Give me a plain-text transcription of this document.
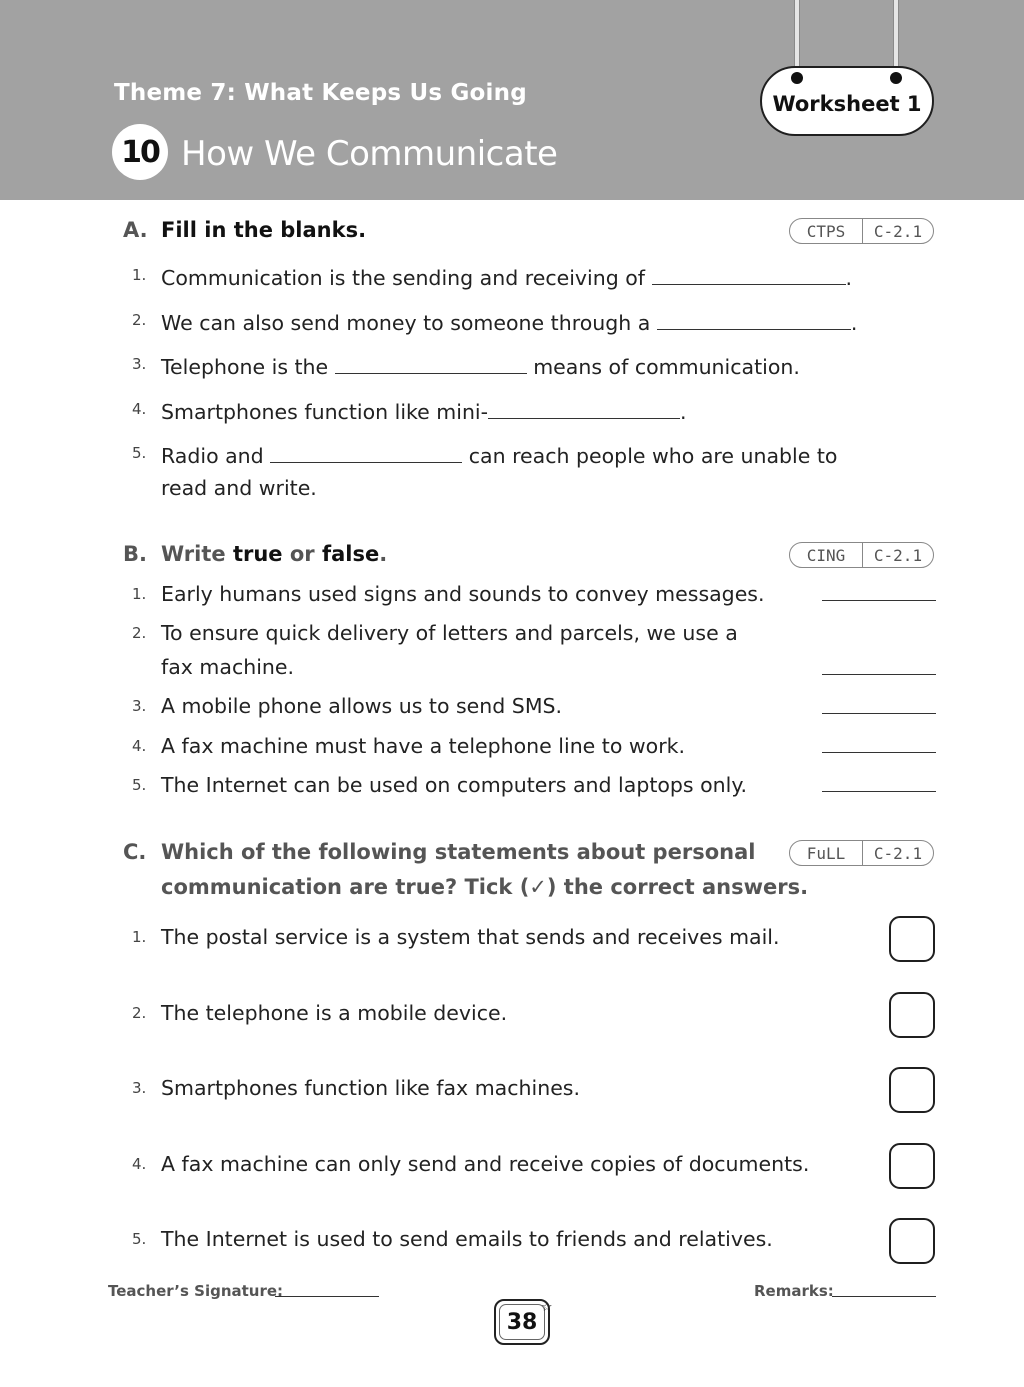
Worksheet 1
Theme 7: What Keeps Us Going
10 How We Communicate
A. Fill in the blanks.	CTPS	C-2.1
1. Communication is the sending and receiving of	.
2. We can also send money to someone through a	.
3. Telephone is the	means of communication.
4. Smartphones function like mini-	.
5. Radio and	can reach people who are unable to
read and write.
B. Write true or false.	CING	C-2.1
1. Early humans used signs and sounds to convey messages.
2. To ensure quick delivery of letters and parcels, we use a
fax machine.
3. A mobile phone allows us to send SMS.
4. A fax machine must have a telephone line to work.
5. The Internet can be used on computers and laptops only.
C. Which of the following statements about personal
communication are true? Tick (✓) the correct answers.
FuLL	C-2.1
1. The postal service is a system that sends and receives mail.
2. The telephone is a mobile device.
3. Smartphones function like fax machines.
4. A fax machine can only send and receive copies of documents.
5. The Internet is used to send emails to friends and relatives.
Teacher’s Signature:	Remarks:
38
☆
